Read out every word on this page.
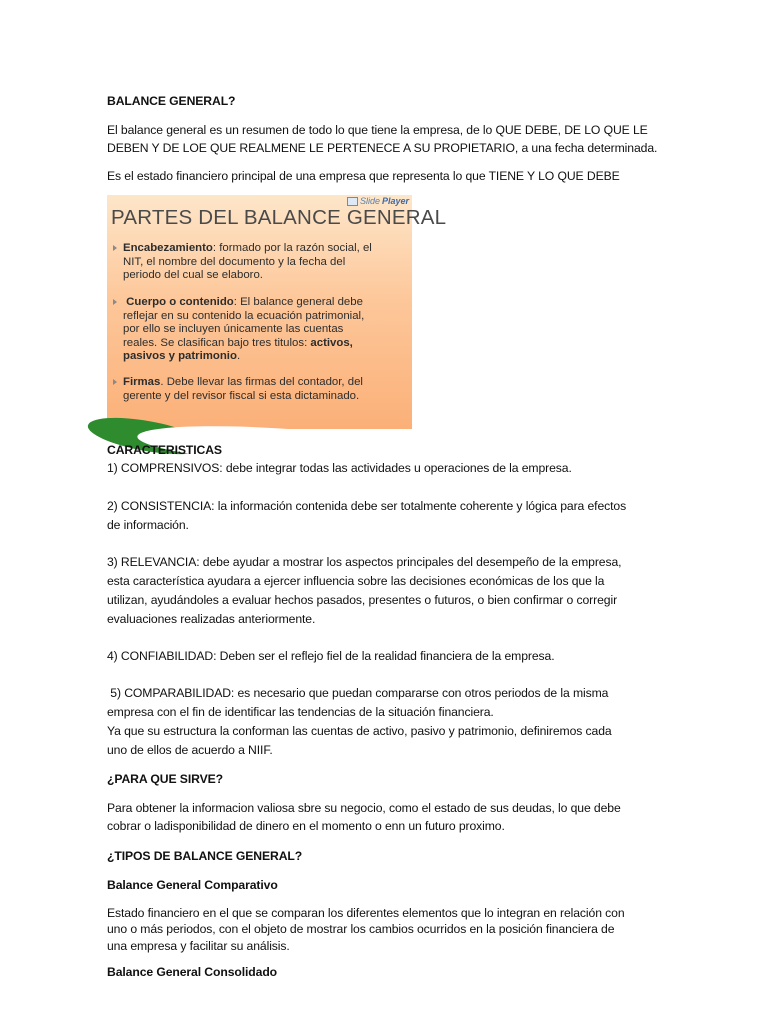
BALANCE GENERAL?

El balance general es un resumen de todo lo que tiene la empresa, de lo QUE DEBE, DE LO QUE LE

DEBEN Y DE LOE QUE REALMENE LE PERTENECE A SU PROPIETARIO, a una fecha determinada.

Es el estado financiero principal de una empresa que representa lo que TIENE Y LO QUE DEBE

Slide Player
PARTES DEL BALANCE GENERAL
Encabezamiento: formado por la razón social, el
NIT, el nombre del documento y la fecha del
periodo del cual se elaboro.
Cuerpo o contenido: El balance general debe
reflejar en su contenido la ecuación patrimonial,
por ello se incluyen únicamente las cuentas
reales. Se clasifican bajo tres titulos: activos,
pasivos y patrimonio.
Firmas. Debe llevar las firmas del contador, del
gerente y del revisor fiscal si esta dictaminado.

CARACTERISTICAS

1) COMPRENSIVOS: debe integrar todas las actividades u operaciones de la empresa.

2) CONSISTENCIA: la información contenida debe ser totalmente coherente y lógica para efectos

de información.

3) RELEVANCIA: debe ayudar a mostrar los aspectos principales del desempeño de la empresa,

esta característica ayudara a ejercer influencia sobre las decisiones económicas de los que la

utilizan, ayudándoles a evaluar hechos pasados, presentes o futuros, o bien confirmar o corregir

evaluaciones realizadas anteriormente.

4) CONFIABILIDAD: Deben ser el reflejo fiel de la realidad financiera de la empresa.

5) COMPARABILIDAD: es necesario que puedan compararse con otros periodos de la misma

empresa con el fin de identificar las tendencias de la situación financiera.

Ya que su estructura la conforman las cuentas de activo, pasivo y patrimonio, definiremos cada

uno de ellos de acuerdo a NIIF.

¿PARA QUE SIRVE?

Para obtener la informacion valiosa sbre su negocio, como el estado de sus deudas, lo que debe

cobrar o ladisponibilidad de dinero en el momento o enn un futuro proximo.

¿TIPOS DE BALANCE GENERAL?

Balance General Comparativo

Estado financiero en el que se comparan los diferentes elementos que lo integran en relación con

uno o más periodos, con el objeto de mostrar los cambios ocurridos en la posición financiera de

una empresa y facilitar su análisis.

Balance General Consolidado
